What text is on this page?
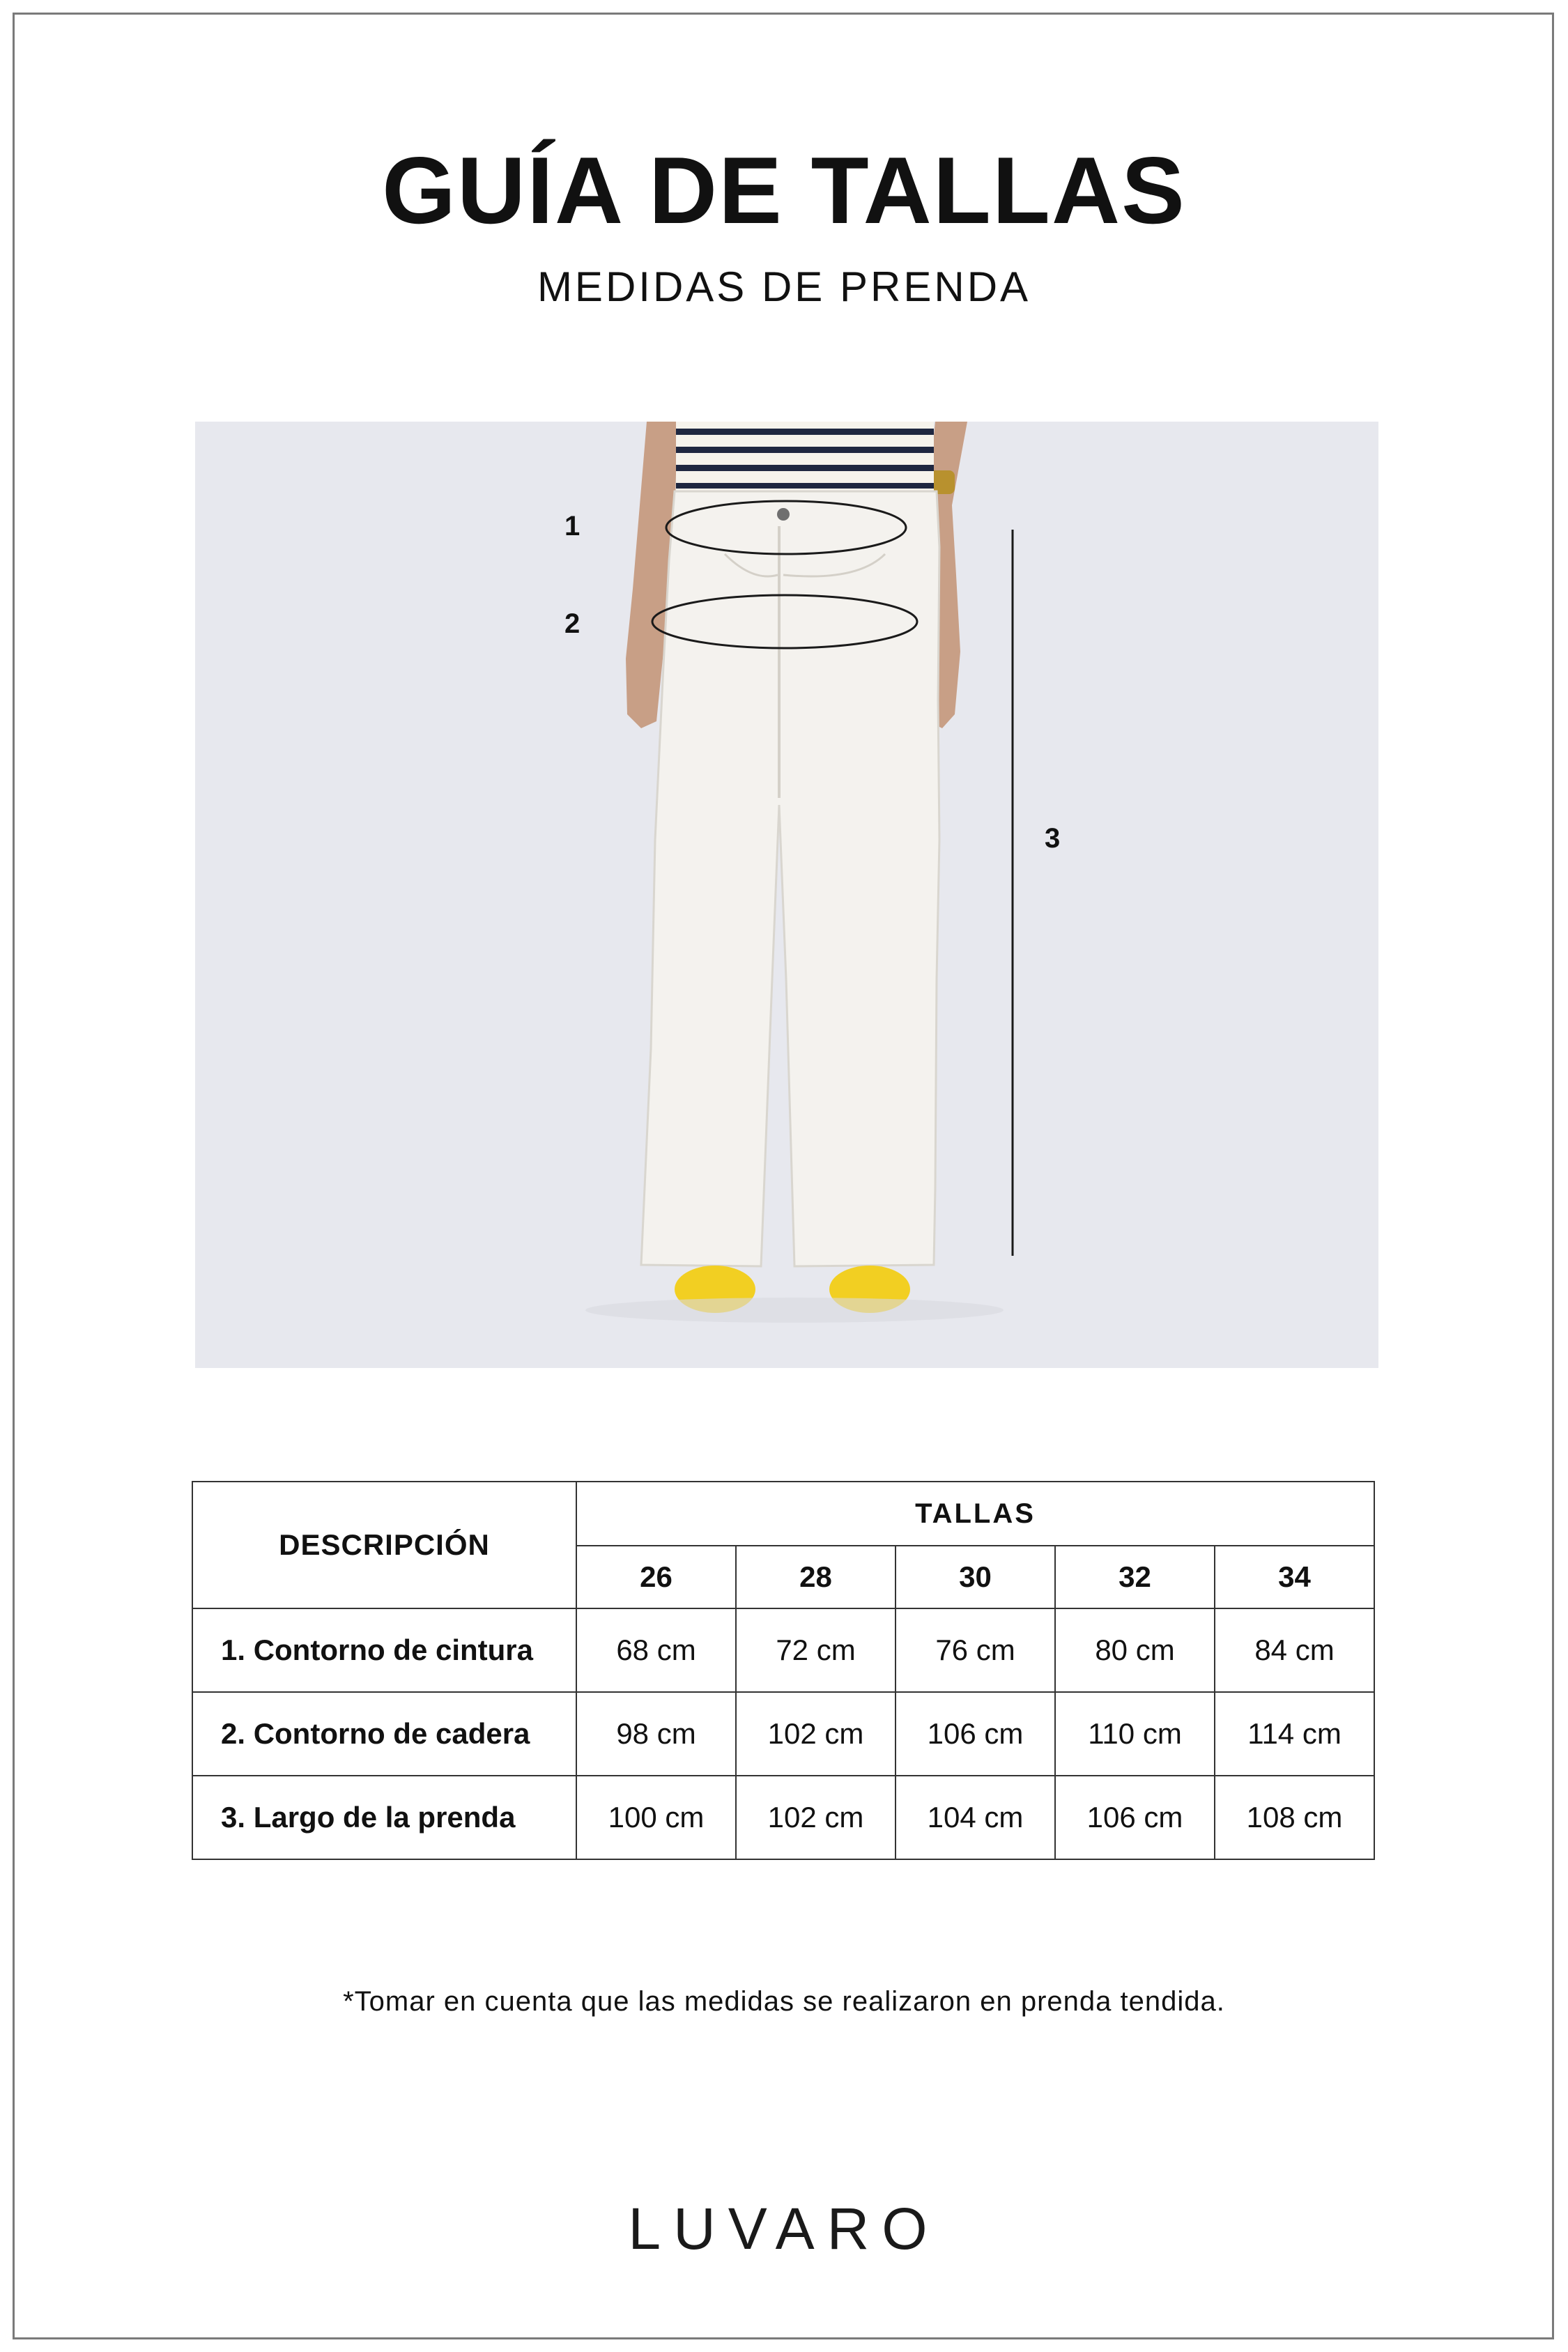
GUÍA DE TALLAS
MEDIDAS DE PRENDA
1
2
3
DESCRIPCIÓN	TALLAS				
	26	28	30	32	34
1. Contorno de cintura	68 cm	72 cm	76 cm	80 cm	84 cm
2. Contorno de cadera	98 cm	102 cm	106 cm	110 cm	114 cm
3. Largo de la prenda	100 cm	102 cm	104 cm	106 cm	108 cm
*Tomar en cuenta que las medidas se realizaron en prenda tendida.
LUVARO
